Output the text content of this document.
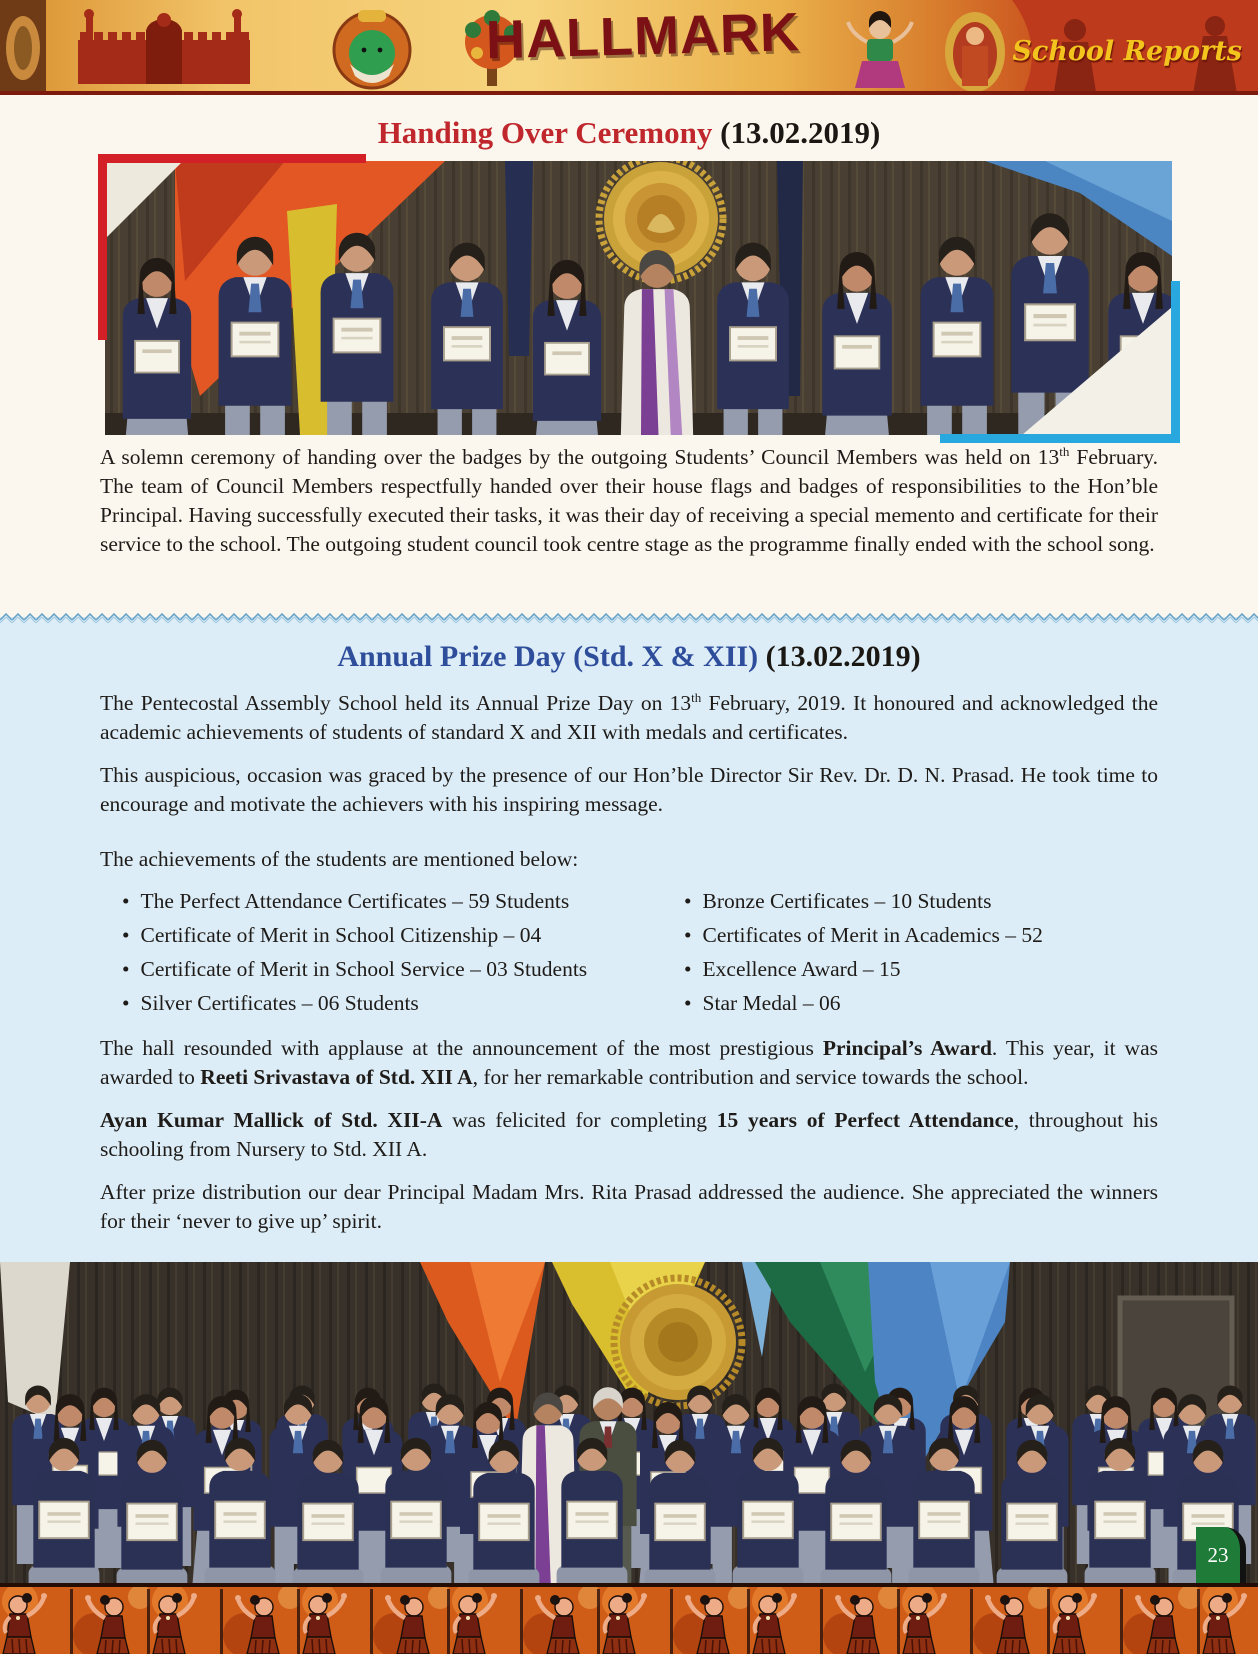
HALLMARK	School Reports
Handing Over Ceremony (13.02.2019)

A solemn ceremony of handing over the badges by the outgoing Students’ Council Members was held on 13th February. The team of Council Members respectfully handed over their house flags and badges of responsibilities to the Hon’ble Principal. Having successfully executed their tasks, it was their day of receiving a special memento and certificate for their service to the school. The outgoing student council took centre stage as the programme finally ended with the school song.

Annual Prize Day (Std. X & XII) (13.02.2019)

The Pentecostal Assembly School held its Annual Prize Day on 13th February, 2019. It honoured and acknowledged the academic achievements of students of standard X and XII with medals and certificates.

This auspicious, occasion was graced by the presence of our Hon’ble Director Sir Rev. Dr. D. N. Prasad. He took time to encourage and motivate the achievers with his inspiring message.

The achievements of the students are mentioned below:

• The Perfect Attendance Certificates – 59 Students
• Certificate of Merit in School Citizenship – 04
• Certificate of Merit in School Service – 03 Students
• Silver Certificates – 06 Students
• Bronze Certificates – 10 Students
• Certificates of Merit in Academics – 52
• Excellence Award – 15
• Star Medal – 06

The hall resounded with applause at the announcement of the most prestigious Principal’s Award. This year, it was awarded to Reeti Srivastava of Std. XII A, for her remarkable contribution and service towards the school.

Ayan Kumar Mallick of Std. XII-A was felicited for completing 15 years of Perfect Attendance, throughout his schooling from Nursery to Std. XII A.

After prize distribution our dear Principal Madam Mrs. Rita Prasad addressed the audience. She appreciated the winners for their ‘never to give up’ spirit.

23
